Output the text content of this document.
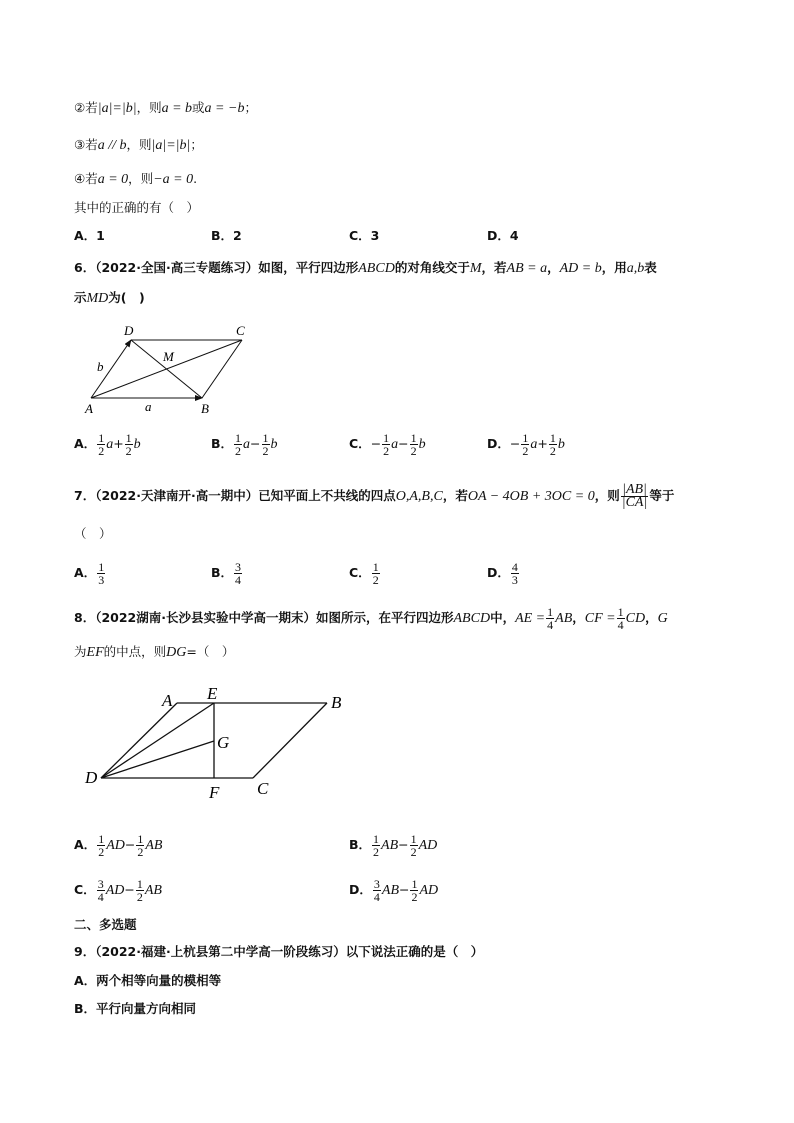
②若|a|=|b|，则a = b或a = −b；
③若a // b，则|a|=|b|；
④若a = 0，则−a = 0.
其中的正确的有（　）
A．1	B．2	C．3	D．4
6．（2022·全国·高三专题练习）如图，平行四边形ABCD的对角线交于M，若AB = a，AD = b，用a,b表
示MD为(　)
D	C
M
b
A	a	B
A． $\frac{1}{2} a+ \frac{1}{2}$ b	B． $\frac{1}{2} a- \frac{1}{2}$ b	C．− $\frac{1}{2} a- \frac{1}{2}$ b	D．− $\frac{1}{2} a+ \frac{1}{2}$ b
7．（2022·天津南开·高一期中）已知平面上不共线的四点O,A,B,C，若OA − 4OB + 3OC = 0，则 $\frac{|AB|}{|CA|}$ 等于
（　）
A． $\frac{1}{3}$	B． $\frac{3}{4}$	C． $\frac{1}{2}$	D． $\frac{4}{3}$
8．（2022湖南·长沙县实验中学高一期末）如图所示，在平行四边形ABCD中，AE = $\frac{1}{4}$ AB，CF = $\frac{1}{4}$ CD，G
为EF的中点，则DG=（　）
A E	B
G
D
F C
A． $\frac{1}{2} AD- \frac{1}{2}$ AB	B． $\frac{1}{2} AB- \frac{1}{2}$ AD
C． $\frac{3}{4} AD- \frac{1}{2}$ AB	D． $\frac{3}{4} AB- \frac{1}{2}$ AD
二、多选题
9．（2022·福建·上杭县第二中学高一阶段练习）以下说法正确的是（　）
A．两个相等向量的模相等
B．平行向量方向相同
